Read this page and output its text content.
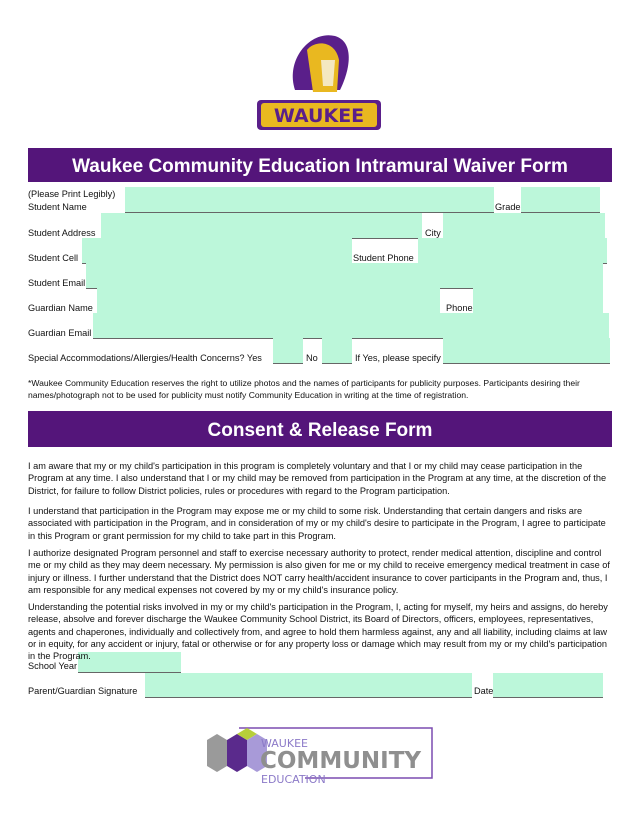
WAUKEE
Waukee Community Education Intramural Waiver Form
(Please Print Legibly)
Student Name	Grade
Student Address	City
Student Cell	Student Phone
Student Email
Guardian Name	Phone
Guardian Email
Special Accommodations/Allergies/Health Concerns? Yes	No	If Yes, please specify
*Waukee Community Education reserves the right to utilize photos and the names of participants for publicity purposes. Participants desiring their names/photograph not to be used for publicity must notify Community Education in writing at the time of registration.
Consent & Release Form
I am aware that my or my child's participation in this program is completely voluntary and that I or my child may cease participation in the Program at any time. I also understand that I or my child may be removed from participation in the Program at any time, at the discretion of the District, for failure to follow District policies, rules or procedures with regard to the Program participation.
I understand that participation in the Program may expose me or my child to some risk. Understanding that certain dangers and risks are associated with participation in the Program, and in consideration of my or my child's desire to participate in the Program, I agree to participate in this Program or grant permission for my child to take part in this Program.
I authorize designated Program personnel and staff to exercise necessary authority to protect, render medical attention, discipline and control me or my child as they may deem necessary. My permission is also given for me or my child to receive emergency medical treatment in case of injury or illness. I further understand that the District does NOT carry health/accident insurance to cover participants in the Program and, thus, I am responsible for any medical expenses not covered by my or my child's insurance policy.
Understanding the potential risks involved in my or my child's participation in the Program, I, acting for myself, my heirs and assigns, do hereby release, absolve and forever discharge the Waukee Community School District, its Board of Directors, officers, employees, representatives, agents and chaperones, individually and collectively from, and agree to hold them harmless against, any and all liability, including claims at law or in equity, for any accident or injury, fatal or otherwise or for any property loss or damage which may result from my or my child's participation in the Program.
School Year
Parent/Guardian Signature	Date
WAUKEE
COMMUNITY
EDUCATION
